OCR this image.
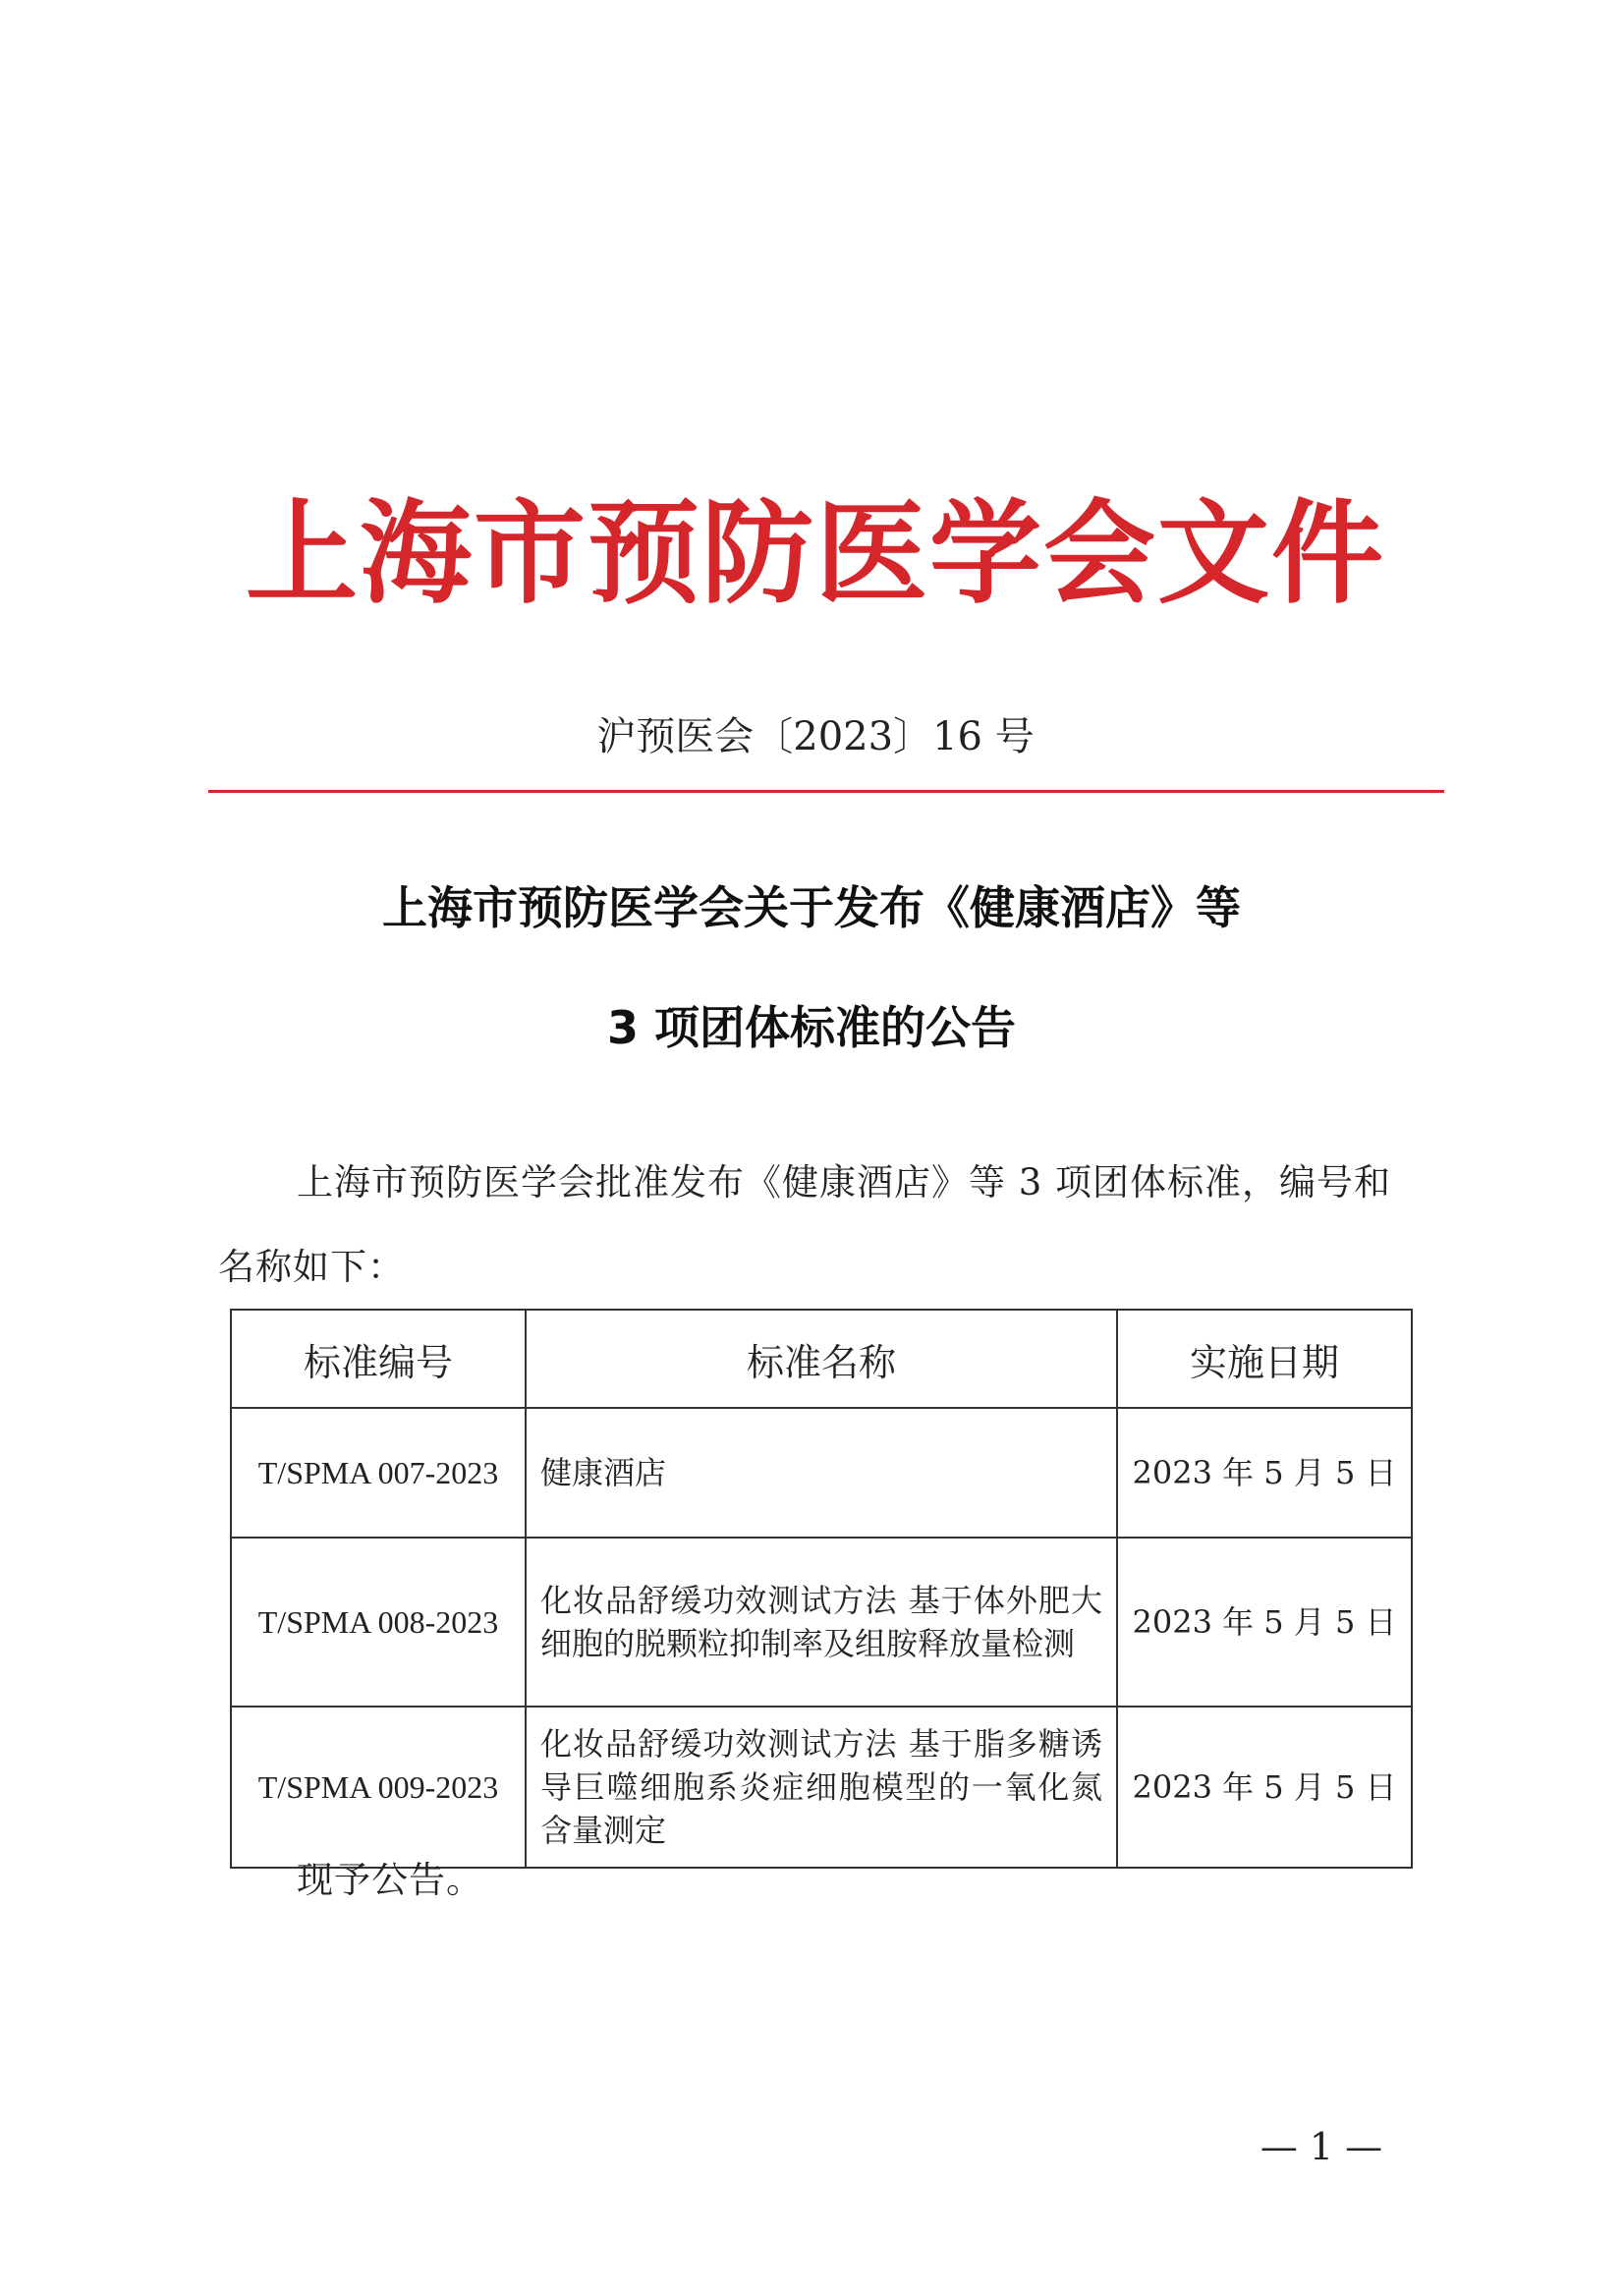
上海市预防医学会文件
沪预医会〔2023〕16 号
上海市预防医学会关于发布《健康酒店》等
3 项团体标准的公告
上海市预防医学会批准发布《健康酒店》等 3 项团体标准，编号和
名称如下：
标准编号	标准名称	实施日期
T/SPMA 007-2023	健康酒店	2023 年 5 月 5 日
T/SPMA 008-2023	化妆品舒缓功效测试方法 基于体外肥大细胞的脱颗粒抑制率及组胺释放量检测	2023 年 5 月 5 日
T/SPMA 009-2023	化妆品舒缓功效测试方法 基于脂多糖诱导巨噬细胞系炎症细胞模型的一氧化氮含量测定	2023 年 5 月 5 日
现予公告。
— 1 —
